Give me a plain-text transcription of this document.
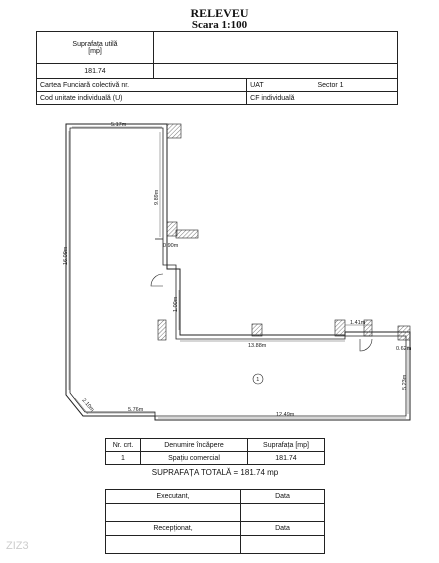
RELEVEU
Scara 1:100
Suprafața utilă
[mp]		

181.74		
Cartea Funciară colectivă nr.		UAT Sector 1
Cod unitate individuală (U)		CF individuală
5.17m
9.89m
0.90m
16.09m
1.00m
13.88m
1.41m
0.62m
5.23m
2.10m	5.76m
12.49m
1
Nr. crt.	Denumire încăpere	Suprafața [mp]
1	Spațiu comercial	181.74
SUPRAFAȚA TOTALĂ = 181.74 mp
Executant,	Data

Recepționat,	Data

ZIZ3
